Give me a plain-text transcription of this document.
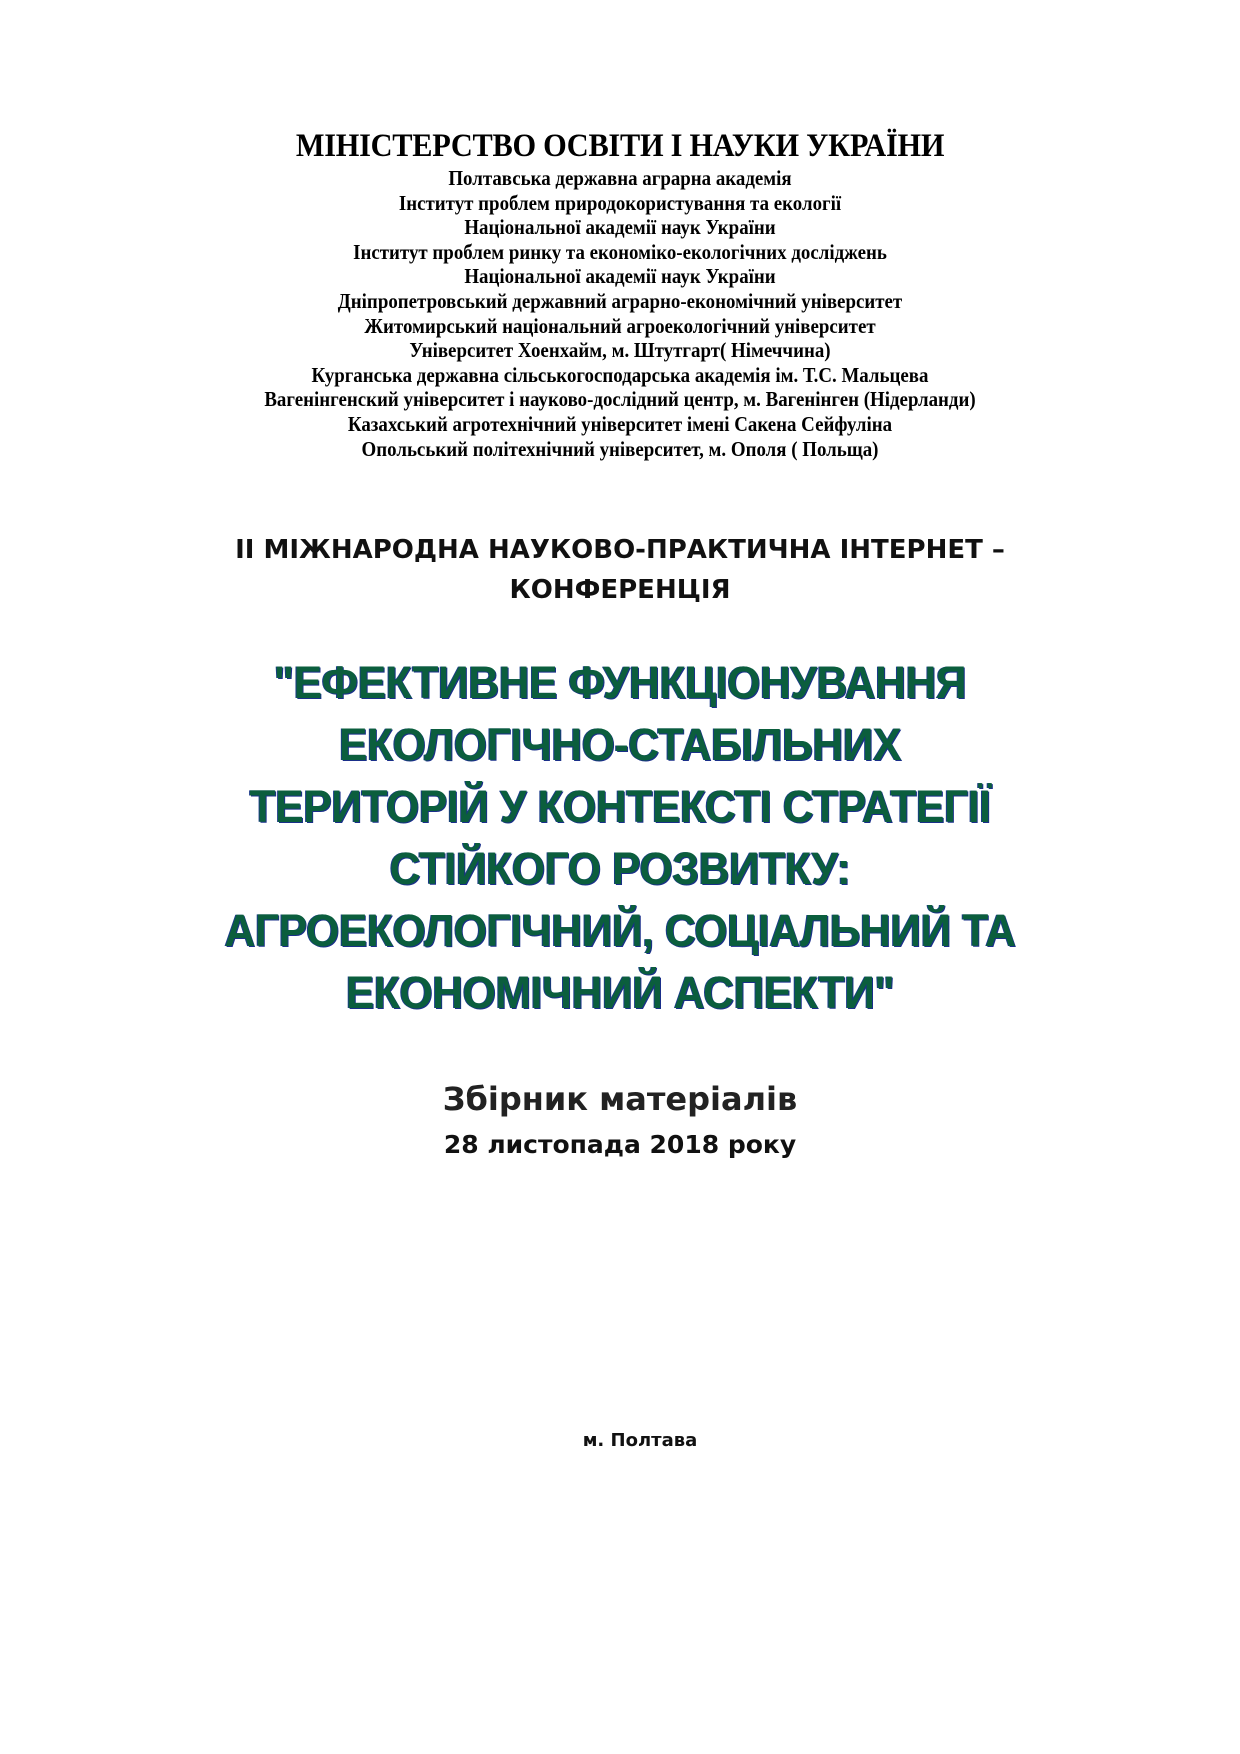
МІНІСТЕРСТВО ОСВІТИ І НАУКИ УКРАЇНИ
Полтавська державна аграрна академія
Інститут проблем природокористування та екології
Національної академії наук України
Інститут проблем ринку та економіко-екологічних досліджень
Національної академії наук України
Дніпропетровський державний аграрно-економічний університет
Житомирський національний агроекологічний університет
Університет Хоенхайм, м. Штутгарт( Німеччина)
Курганська державна сільськогосподарська академія ім. Т.С. Мальцева
Вагенінгенский університет і науково-дослідний центр, м. Вагенінген (Нідерланди)
Казахський агротехнічний університет імені Сакена Сейфуліна
Опольський політехнічний університет, м. Ополя ( Польща)
ІІ МІЖНАРОДНА НАУКОВО-ПРАКТИЧНА ІНТЕРНЕТ –
КОНФЕРЕНЦІЯ
"ЕФЕКТИВНЕ ФУНКЦІОНУВАННЯ
ЕКОЛОГІЧНО-СТАБІЛЬНИХ
ТЕРИТОРІЙ У КОНТЕКСТІ СТРАТЕГІЇ
СТІЙКОГО РОЗВИТКУ:
АГРОЕКОЛОГІЧНИЙ, СОЦІАЛЬНИЙ ТА
ЕКОНОМІЧНИЙ АСПЕКТИ"
Збірник матеріалів
28 листопада 2018 року
м. Полтава
